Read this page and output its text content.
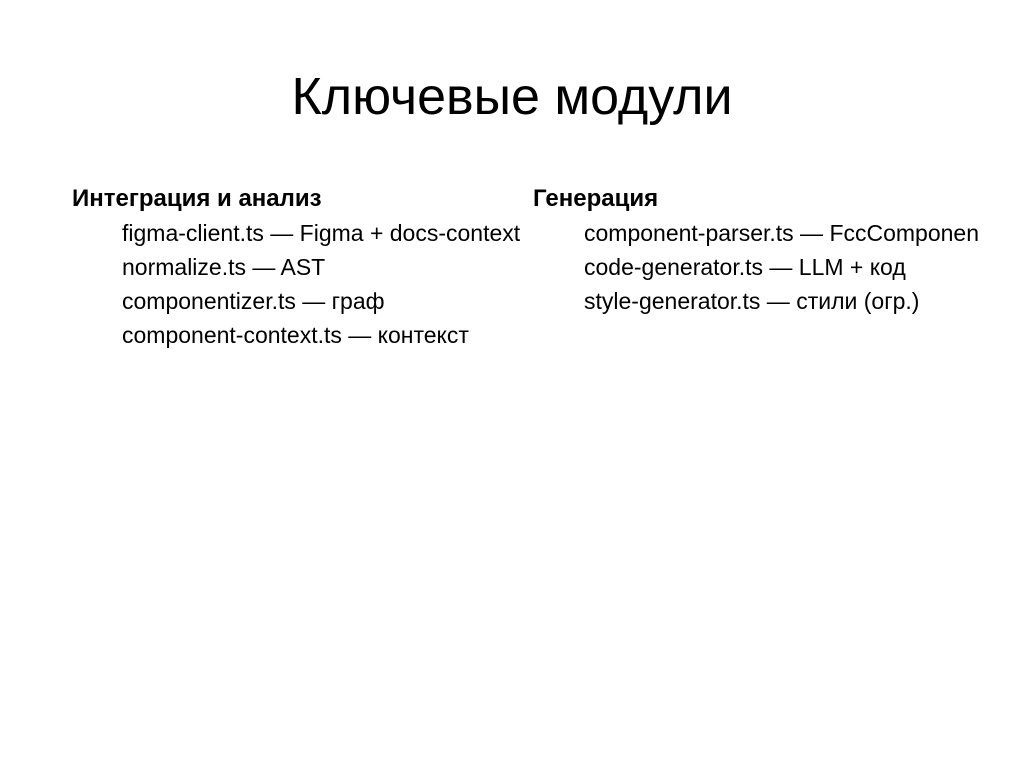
Ключевые модули
Интеграция и анализ
figma-client.ts — Figma + docs-context
normalize.ts — AST
componentizer.ts — граф
component-context.ts — контекст
Генерация
component-parser.ts — FccComponen
code-generator.ts — LLM + код
style-generator.ts — стили (огр.)
